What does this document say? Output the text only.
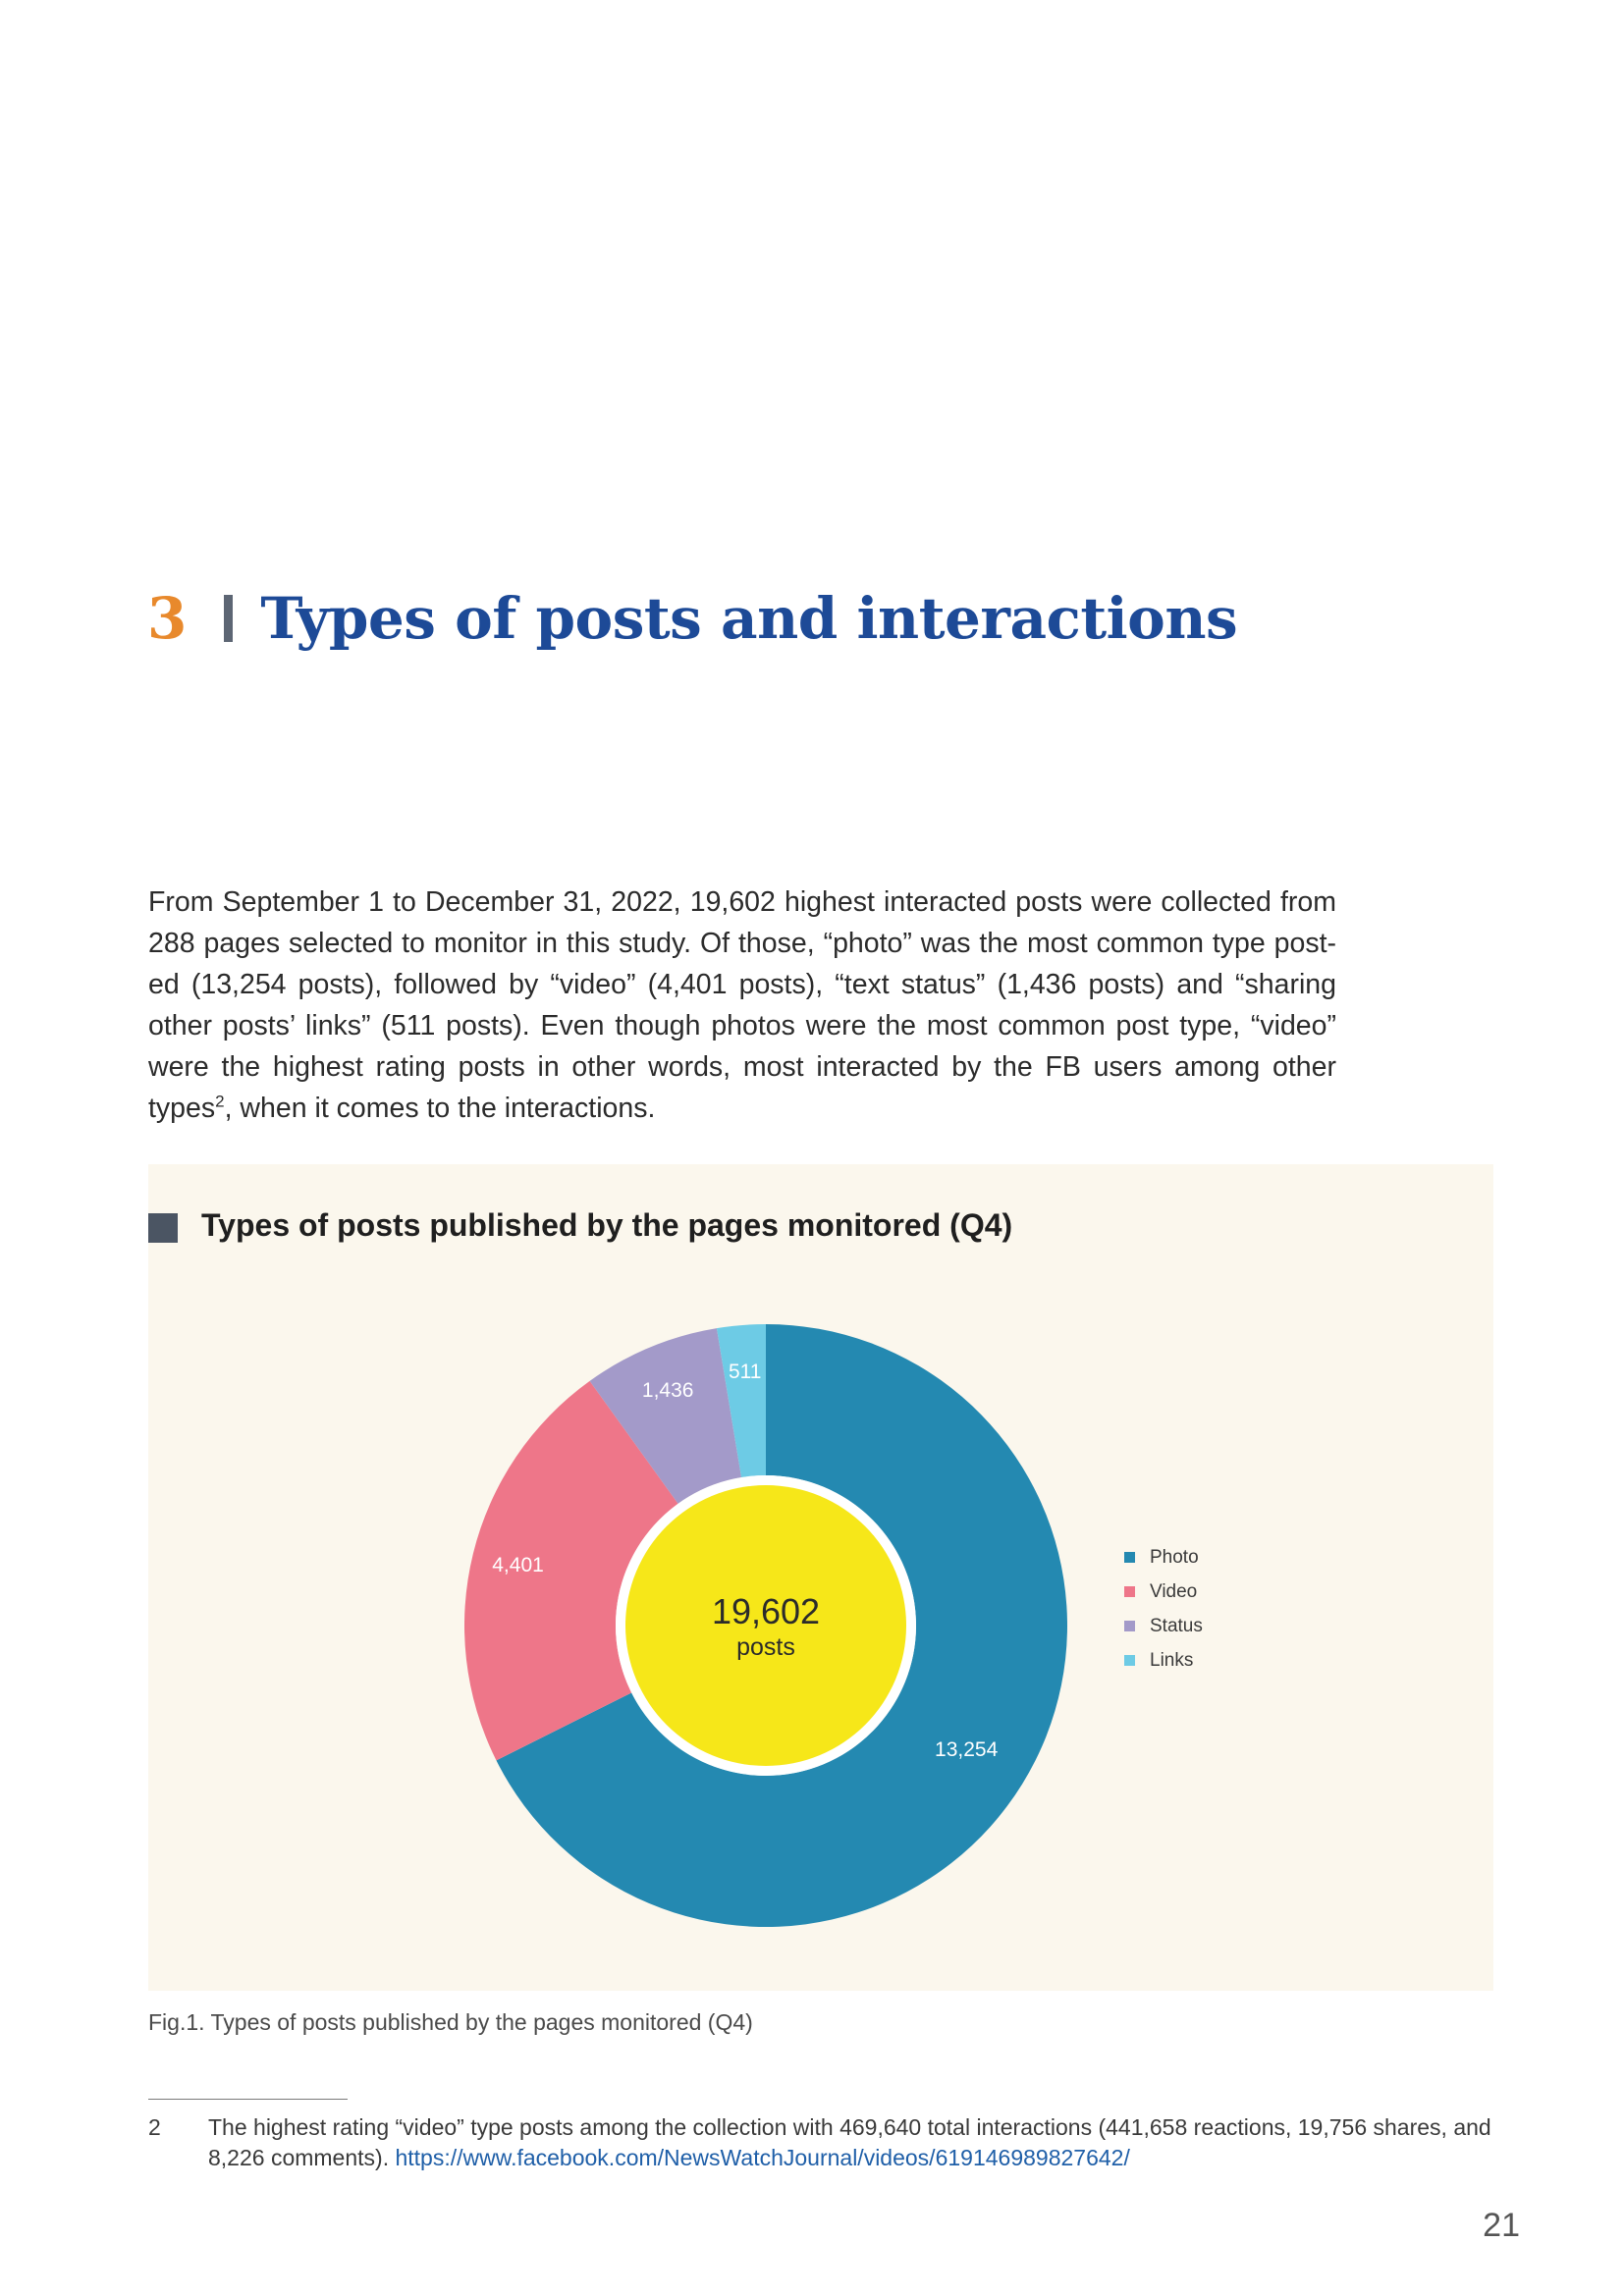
3 Types of posts and interactions

From September 1 to December 31, 2022, 19,602 highest interacted posts were collected from 288 pages selected to monitor in this study. Of those, “photo” was the most common type post-ed (13,254 posts), followed by “video” (4,401 posts), “text status” (1,436 posts) and “sharing other posts’ links” (511 posts). Even though photos were the most common post type, “video” were the highest rating posts in other words, most interacted by the FB users among other types$^2$, when it comes to the interactions.

Types of posts published by the pages monitored (Q4)
13,254
4,401
1,436
511
19,602
posts
Photo
Video
Status
Links
Fig.1. Types of posts published by the pages monitored (Q4)
2 The highest rating “video” type posts among the collection with 469,640 total interactions (441,658 reactions, 19,756 shares, and 8,226 comments). https://www.facebook.com/NewsWatchJournal/videos/619146989827642/
21
